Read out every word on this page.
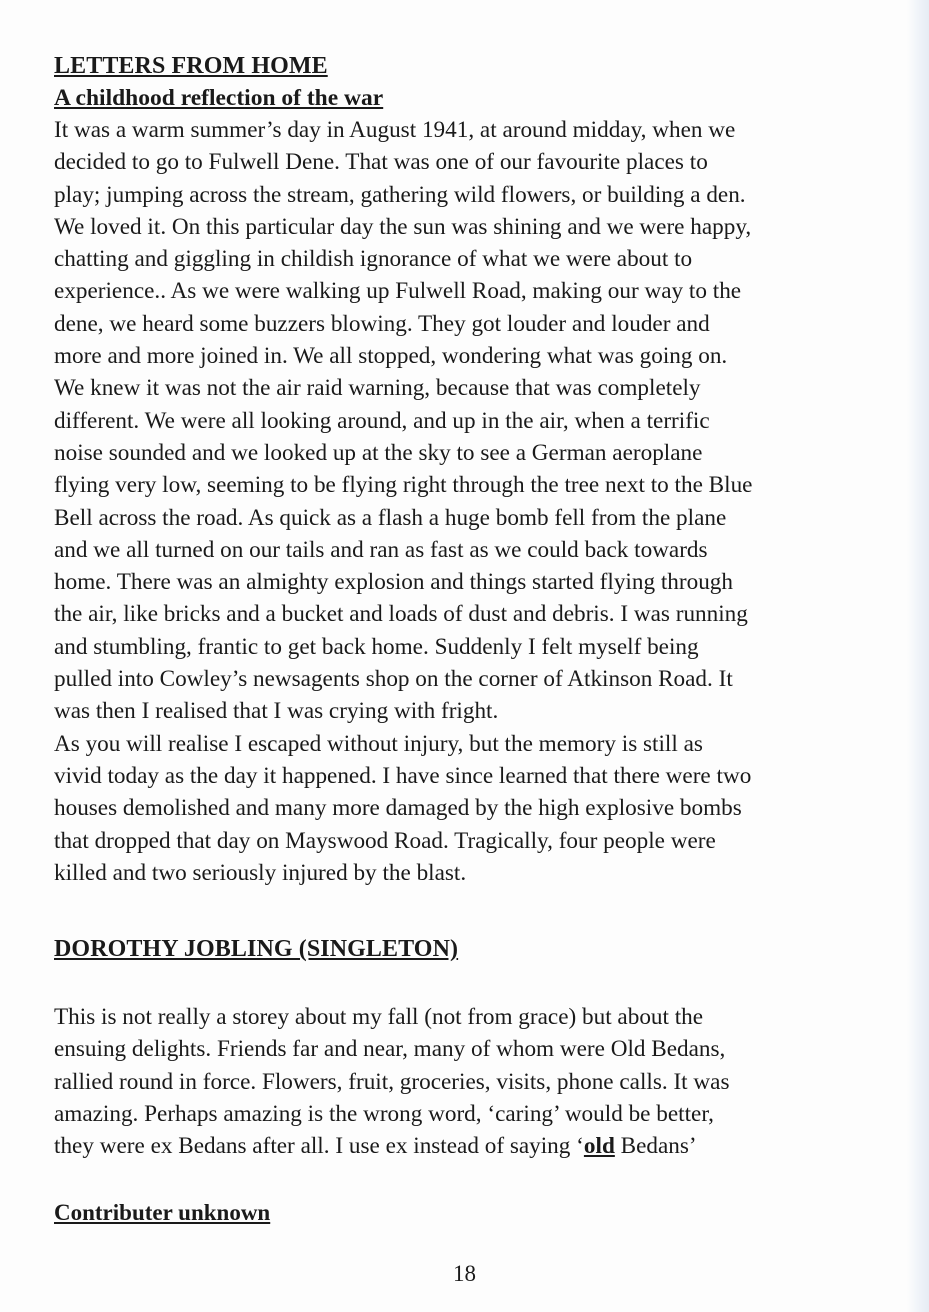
LETTERS FROM HOME
A childhood reflection of the war

It was a warm summer’s day in August 1941, at around midday, when we
decided to go to Fulwell Dene. That was one of our favourite places to
play; jumping across the stream, gathering wild flowers, or building a den.
We loved it. On this particular day the sun was shining and we were happy,
chatting and giggling in childish ignorance of what we were about to
experience.. As we were walking up Fulwell Road, making our way to the
dene, we heard some buzzers blowing. They got louder and louder and
more and more joined in. We all stopped, wondering what was going on.
We knew it was not the air raid warning, because that was completely
different. We were all looking around, and up in the air, when a terrific
noise sounded and we looked up at the sky to see a German aeroplane
flying very low, seeming to be flying right through the tree next to the Blue
Bell across the road. As quick as a flash a huge bomb fell from the plane
and we all turned on our tails and ran as fast as we could back towards
home. There was an almighty explosion and things started flying through
the air, like bricks and a bucket and loads of dust and debris. I was running
and stumbling, frantic to get back home. Suddenly I felt myself being
pulled into Cowley’s newsagents shop on the corner of Atkinson Road. It
was then I realised that I was crying with fright.

As you will realise I escaped without injury, but the memory is still as
vivid today as the day it happened. I have since learned that there were two
houses demolished and many more damaged by the high explosive bombs
that dropped that day on Mayswood Road. Tragically, four people were
killed and two seriously injured by the blast.

DOROTHY JOBLING (SINGLETON)

This is not really a storey about my fall (not from grace) but about the
ensuing delights. Friends far and near, many of whom were Old Bedans,
rallied round in force. Flowers, fruit, groceries, visits, phone calls. It was
amazing. Perhaps amazing is the wrong word, ‘caring’ would be better,
they were ex Bedans after all. I use ex instead of saying ‘old Bedans’

Contributer unknown
18
